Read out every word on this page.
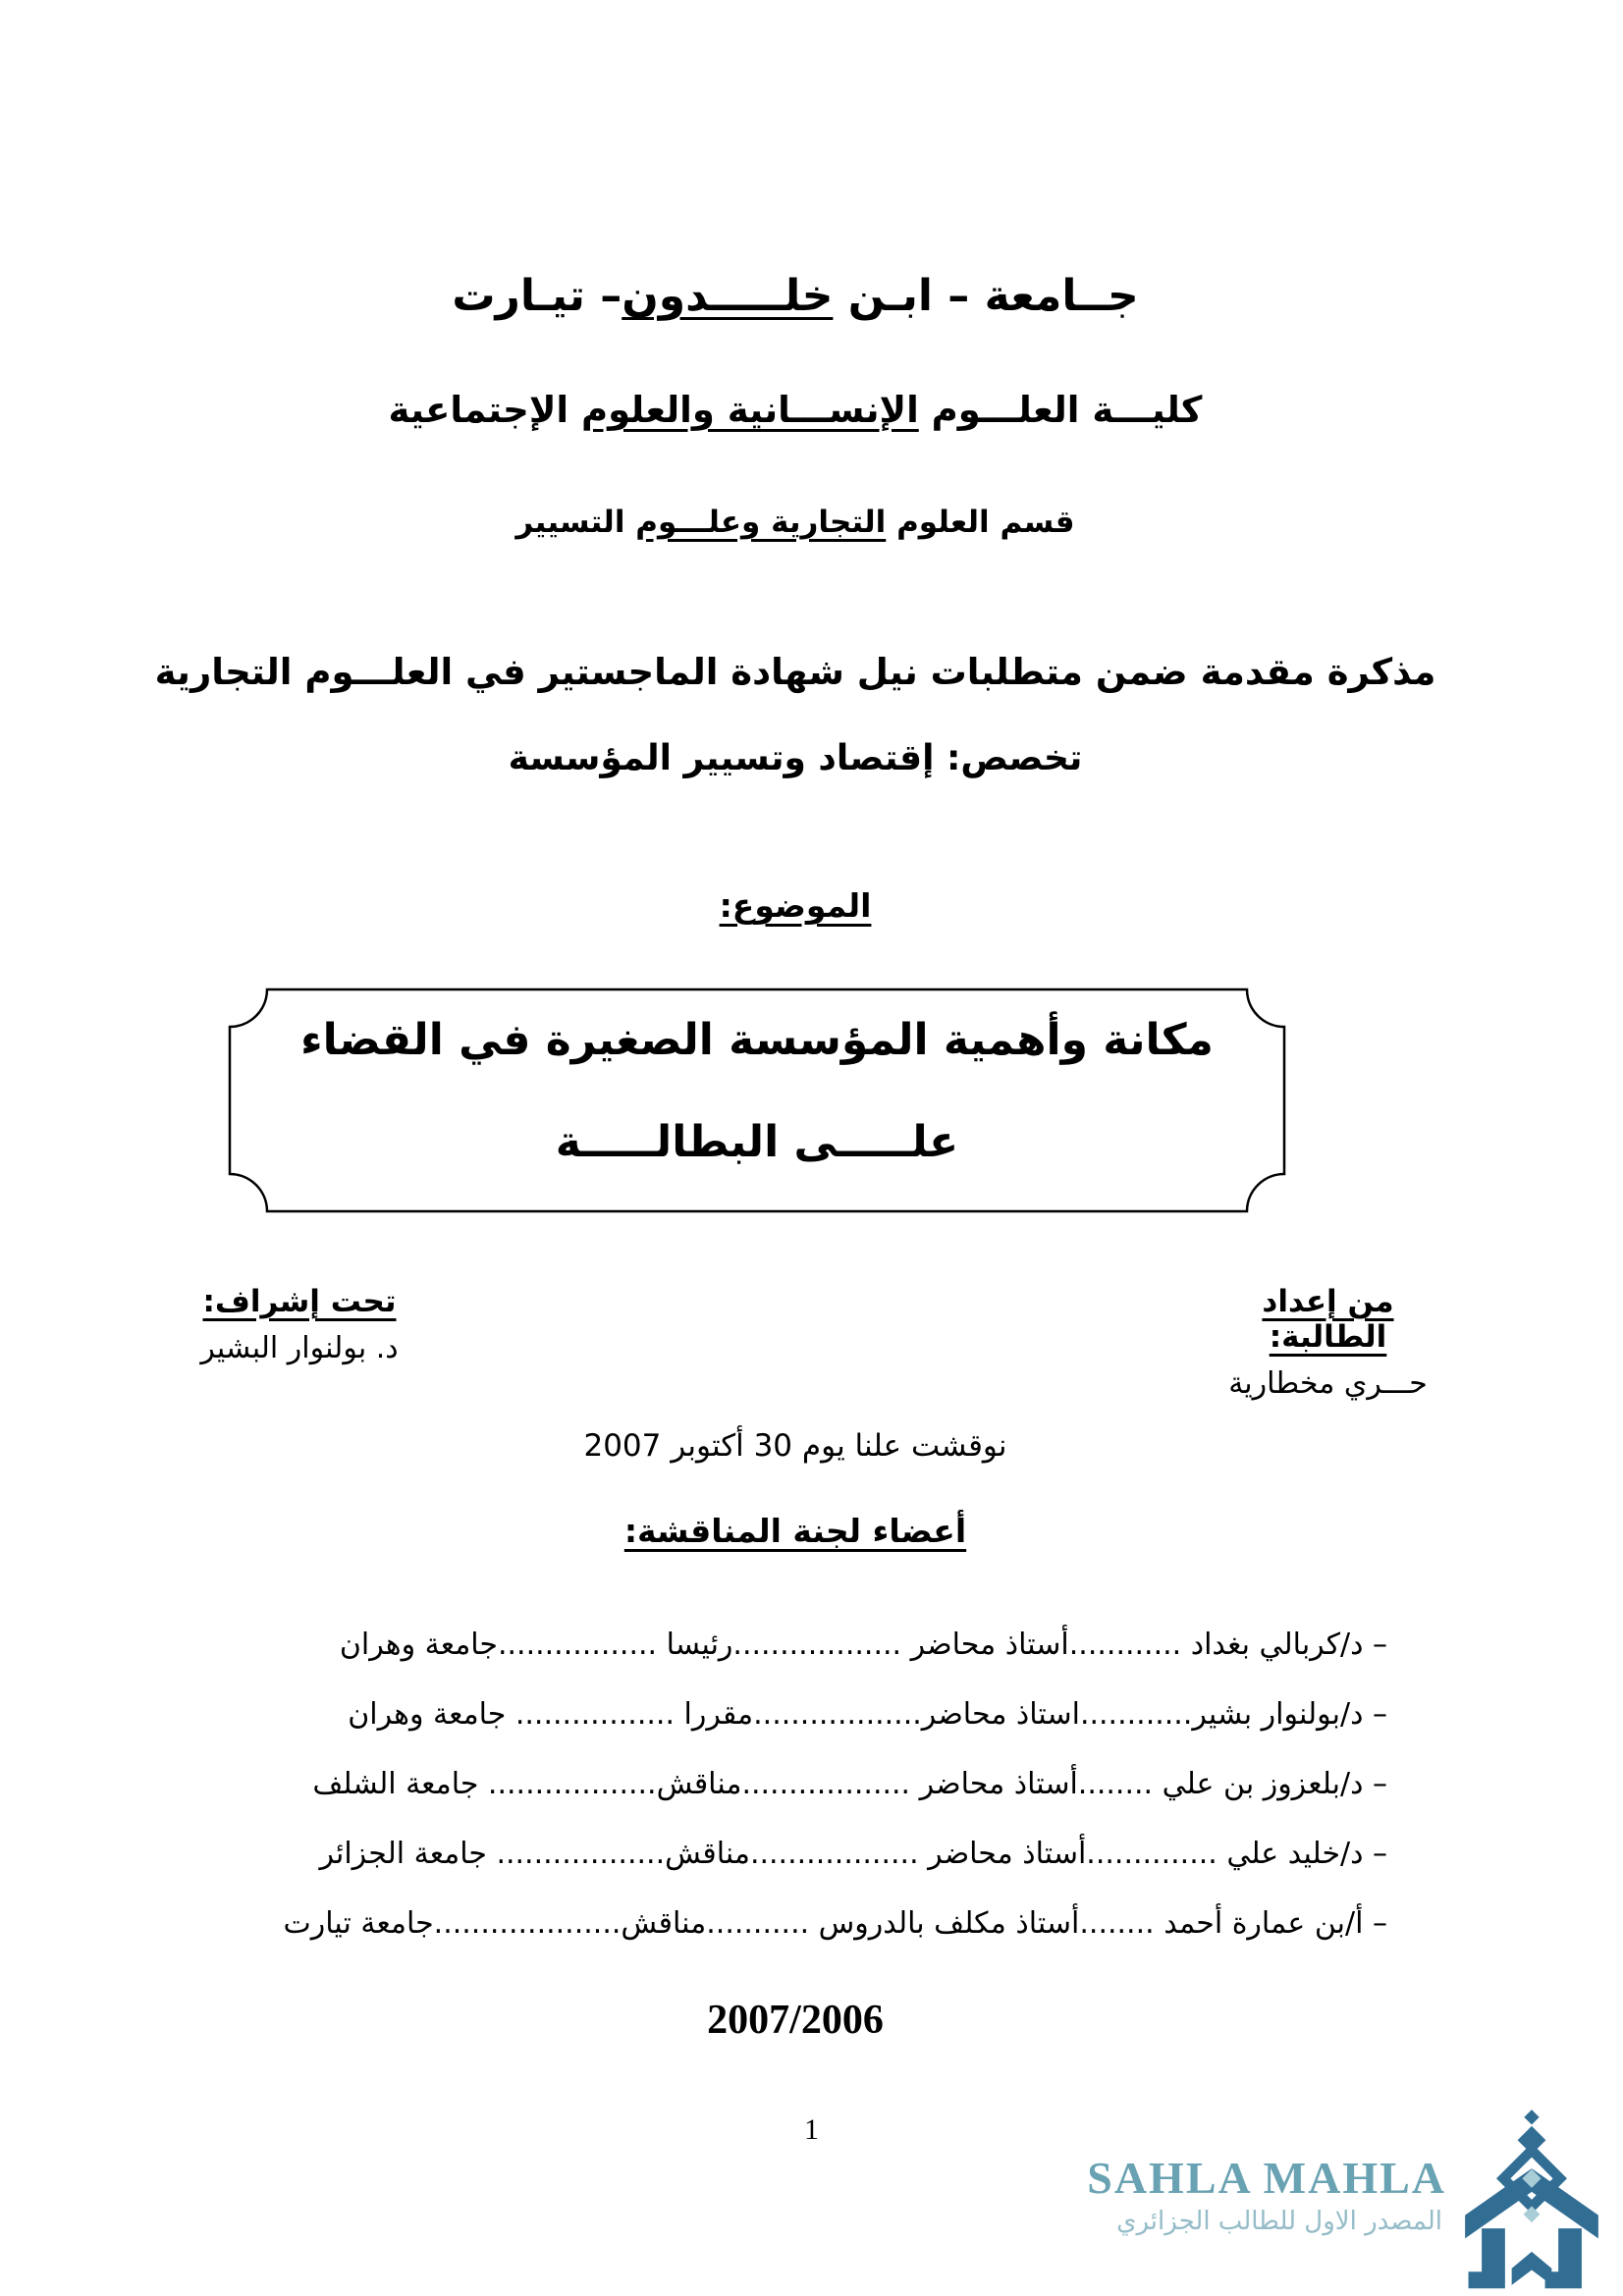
جــامعة – ابـن خلـــــدون– تيـارت
كليـــة العلـــوم الإنســـانية والعلوم الإجتماعية
قسم العلوم التجارية وعلـــوم التسيير
مذكرة مقدمة ضمن متطلبات نيل شهادة الماجستير في العلـــوم التجارية
تخصص: إقتصاد وتسيير المؤسسة
الموضوع:
مكانة وأهمية المؤسسة الصغيرة في القضاء
علـــــى البطالـــــة
من إعداد الطالبة:
حـــري مخطارية
تحت إشراف:
د. بولنوار البشير
نوقشت علنا يوم 30 أكتوبر 2007
أعضاء لجنة المناقشة:
– د/كربالي بغداد ............أستاذ محاضر ..................رئيسا .................جامعة وهران
– د/بولنوار بشير............استاذ محاضر..................مقررا ................. جامعة وهران
– د/بلعزوز بن علي ........أستاذ محاضر ..................مناقش.................. جامعة الشلف
– د/خليد علي ..............أستاذ محاضر ..................مناقش.................. جامعة الجزائر
– أ/بن عمارة أحمد ........أستاذ مكلف بالدروس ...........مناقش....................جامعة تيارت
2007/2006
1
SAHLA MAHLA
المصدر الاول للطالب الجزائري
